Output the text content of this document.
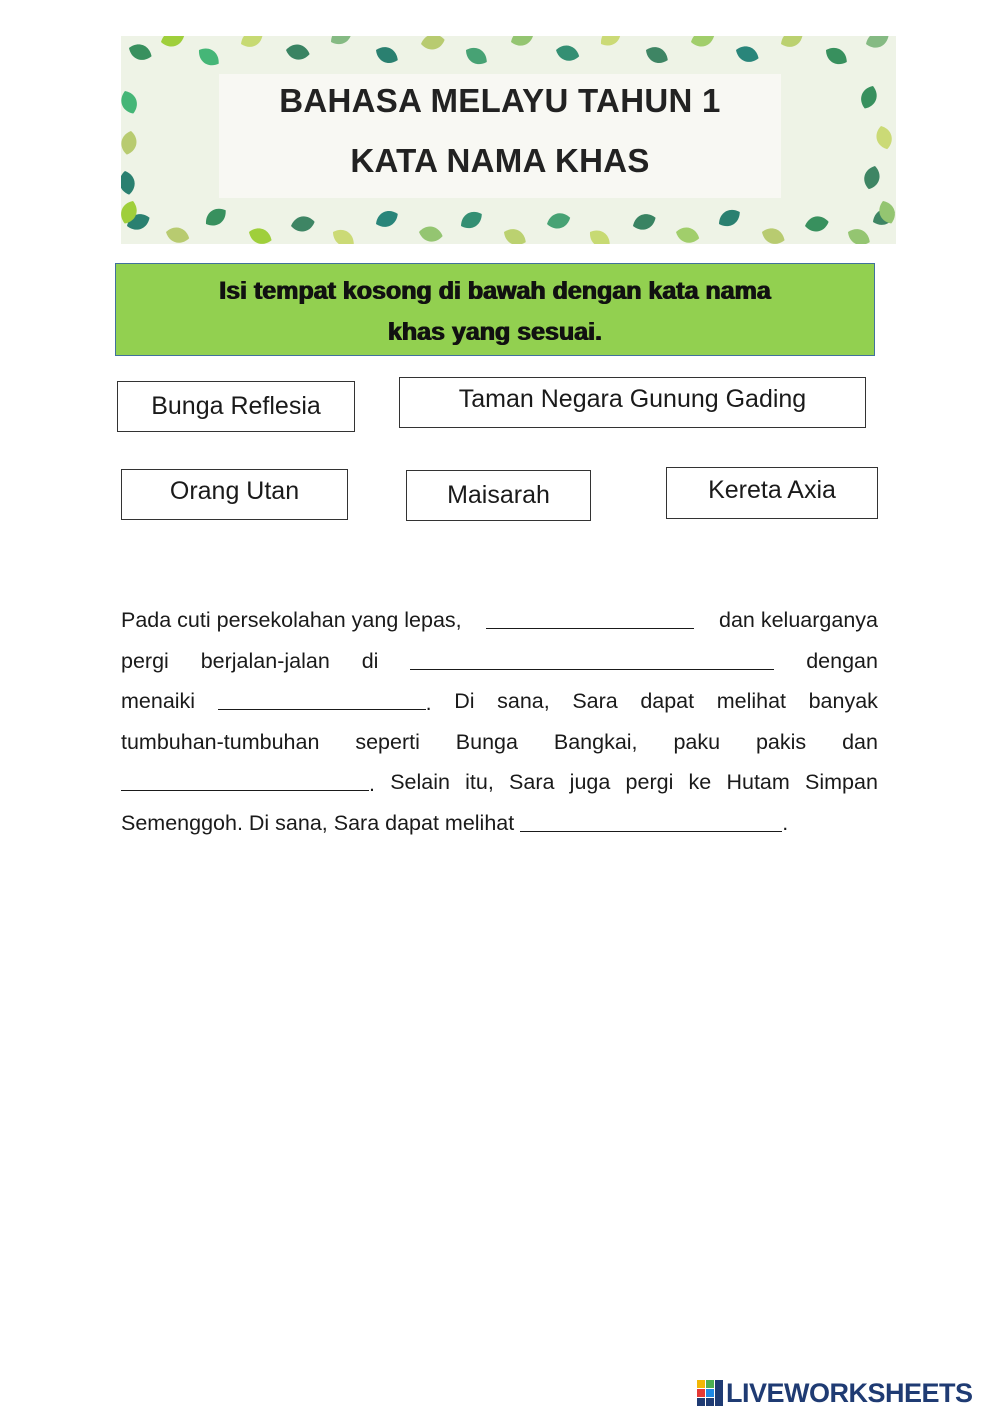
BAHASA MELAYU TAHUN 1
KATA NAMA KHAS
Isi tempat kosong di bawah dengan kata nama
khas yang sesuai.
Bunga Reflesia	Taman Negara Gunung Gading
Orang Utan	Maisarah	Kereta Axia
Pada cuti persekolahan yang lepas,	dan keluarganya
pergi berjalan-jalan di	dengan
menaiki	. Di sana, Sara dapat melihat banyak
tumbuhan-tumbuhan seperti Bunga Bangkai, paku pakis dan
. Selain itu, Sara juga pergi ke Hutam Simpan
Semenggoh. Di sana, Sara dapat melihat	.
LIVEWORKSHEETS
